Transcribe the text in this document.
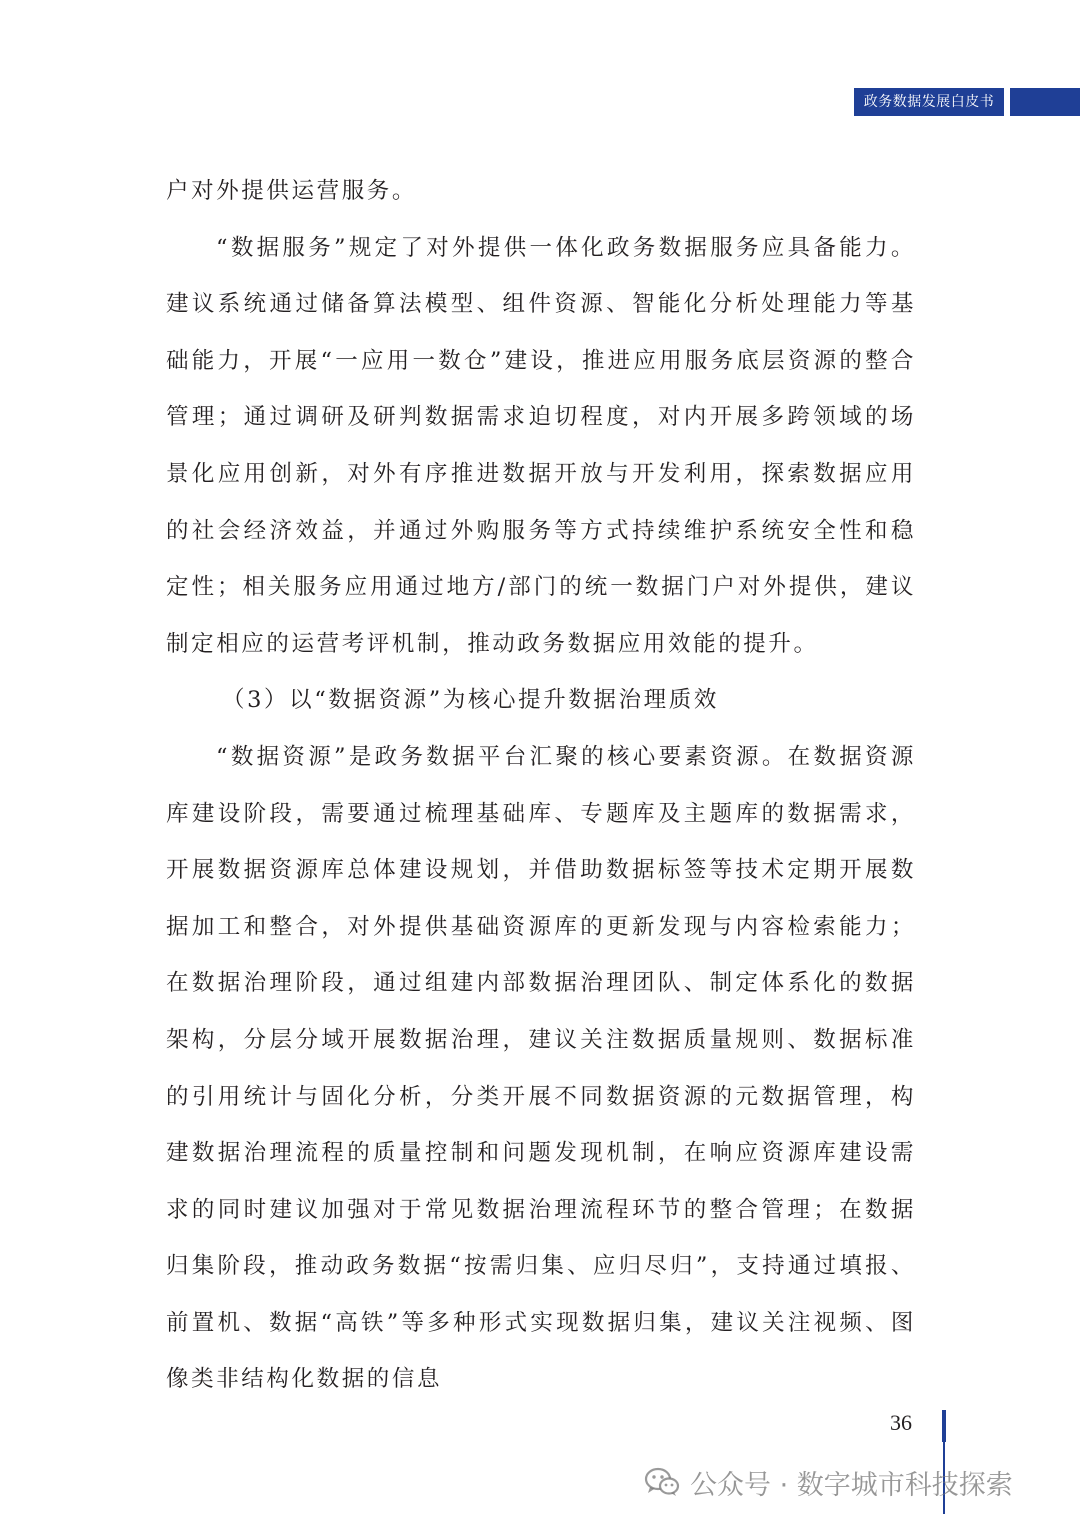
政务数据发展白皮书

户对外提供运营服务。

“数据服务”规定了对外提供一体化政务数据服务应具备能力。建议系统通过储备算法模型、组件资源、智能化分析处理能力等基础能力，开展“一应用一数仓”建设，推进应用服务底层资源的整合管理；通过调研及研判数据需求迫切程度，对内开展多跨领域的场景化应用创新，对外有序推进数据开放与开发利用，探索数据应用的社会经济效益，并通过外购服务等方式持续维护系统安全性和稳定性；相关服务应用通过地方/部门的统一数据门户对外提供，建议制定相应的运营考评机制，推动政务数据应用效能的提升。

（3）以“数据资源”为核心提升数据治理质效

“数据资源”是政务数据平台汇聚的核心要素资源。在数据资源库建设阶段，需要通过梳理基础库、专题库及主题库的数据需求，开展数据资源库总体建设规划，并借助数据标签等技术定期开展数据加工和整合，对外提供基础资源库的更新发现与内容检索能力；在数据治理阶段，通过组建内部数据治理团队、制定体系化的数据架构，分层分域开展数据治理，建议关注数据质量规则、数据标准的引用统计与固化分析，分类开展不同数据资源的元数据管理，构建数据治理流程的质量控制和问题发现机制，在响应资源库建设需求的同时建议加强对于常见数据治理流程环节的整合管理；在数据归集阶段，推动政务数据“按需归集、应归尽归”，支持通过填报、前置机、数据“高铁”等多种形式实现数据归集，建议关注视频、图像类非结构化数据的信息

36
公众号 · 数字城市科技探索
